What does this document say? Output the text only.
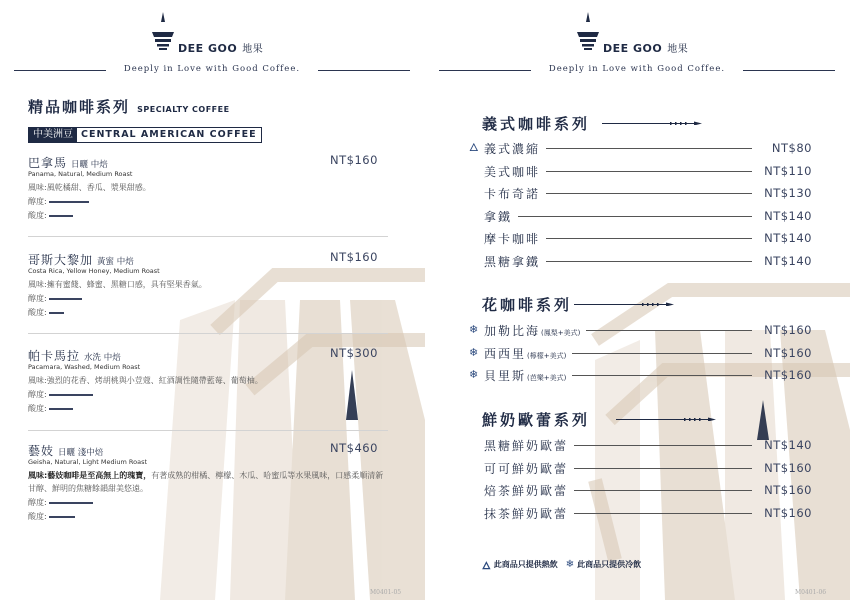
DEE GOO 地果
Deeply in Love with Good Coffee.
精品咖啡系列 SPECIALTY COFFEE
中美洲豆 CENTRAL AMERICAN COFFEE
巴拿馬 日曬 中焙	NT$160
Panama, Natural, Medium Roast
風味:風乾橘甜、香瓜、漿果甜感。
醇度:
酸度:
哥斯大黎加 黃蜜 中焙	NT$160
Costa Rica, Yellow Honey, Medium Roast
風味:擁有蜜餞、蜂蜜、黑糖口感，具有堅果香氣。
醇度:
酸度:
帕卡馬拉 水洗 中焙	NT$300
Pacamara, Washed, Medium Roast
風味:強烈的花香、烤胡桃與小荳蔻、紅酒調性隨帶藍莓、葡萄柚。
醇度:
酸度:
藝妓 日曬 淺中焙	NT$460
Geisha, Natural, Light Medium Roast
風味:藝妓咖啡是至高無上的瑰寶，有著成熟的柑橘、檸檬、木瓜、哈蜜瓜等水果風味，口感柔順清新甘醇、鮮明的焦糖餘韻甜美悠遠。
醇度:
酸度:
M0401-05
DEE GOO 地果
Deeply in Love with Good Coffee.
義式咖啡系列
🜂 義式濃縮	NT$80
美式咖啡	NT$110
卡布奇諾	NT$130
拿鐵	NT$140
摩卡咖啡	NT$140
黑糖拿鐵	NT$140
花咖啡系列
❄ 加勒比海(鳳梨+美式)	NT$160
❄ 西西里(檸檬+美式)	NT$160
❄ 貝里斯(芭樂+美式)	NT$160
鮮奶歐蕾系列
黑糖鮮奶歐蕾	NT$140
可可鮮奶歐蕾	NT$160
焙茶鮮奶歐蕾	NT$160
抹茶鮮奶歐蕾	NT$160
🜂 此商品只提供熱飲 ❄ 此商品只提供冷飲
M0401-06
